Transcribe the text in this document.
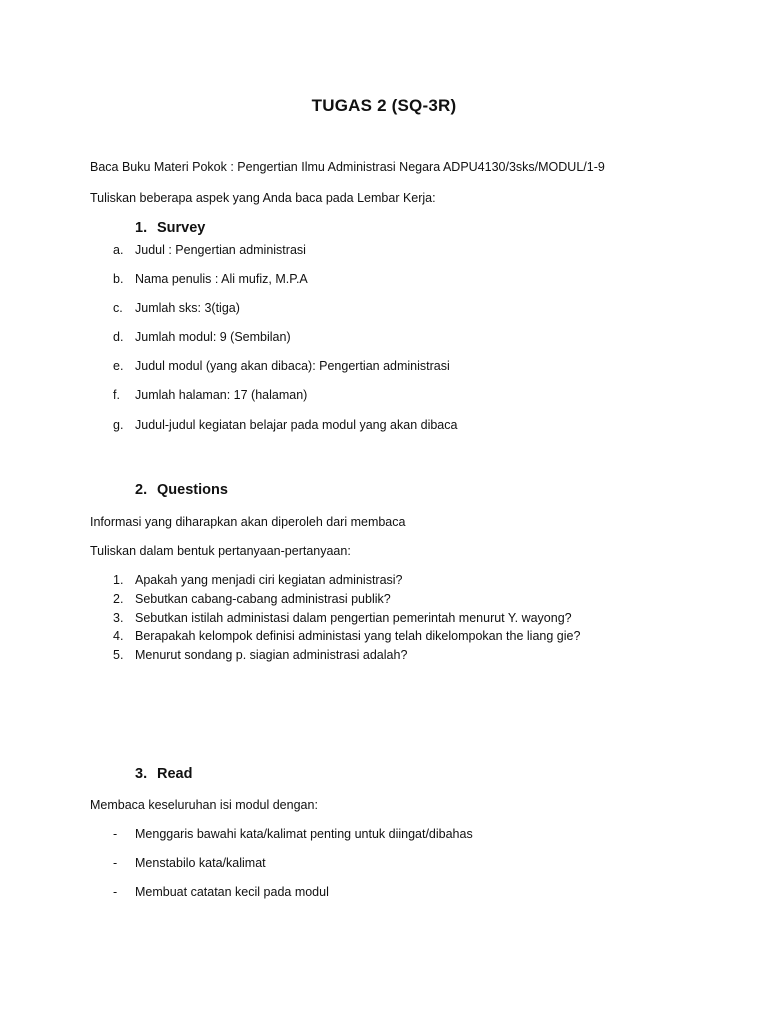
TUGAS 2 (SQ-3R)
Baca Buku Materi Pokok : Pengertian Ilmu Administrasi Negara ADPU4130/3sks/MODUL/1-9
Tuliskan beberapa aspek yang Anda baca pada Lembar Kerja:
1. Survey
a. Judul : Pengertian administrasi
b. Nama penulis : Ali mufiz, M.P.A
c. Jumlah sks: 3(tiga)
d. Jumlah modul: 9 (Sembilan)
e. Judul modul (yang akan dibaca): Pengertian administrasi
f. Jumlah halaman: 17 (halaman)
g. Judul-judul kegiatan belajar pada modul yang akan dibaca
2. Questions
Informasi yang diharapkan akan diperoleh dari membaca
Tuliskan dalam bentuk pertanyaan-pertanyaan:
1. Apakah yang menjadi ciri kegiatan administrasi?
2. Sebutkan cabang-cabang administrasi publik?
3. Sebutkan istilah administasi dalam pengertian pemerintah menurut Y. wayong?
4. Berapakah kelompok definisi administasi yang telah dikelompokan the liang gie?
5. Menurut sondang p. siagian administrasi adalah?
3. Read
Membaca keseluruhan isi modul dengan:
- Menggaris bawahi kata/kalimat penting untuk diingat/dibahas
- Menstabilo kata/kalimat
- Membuat catatan kecil pada modul
